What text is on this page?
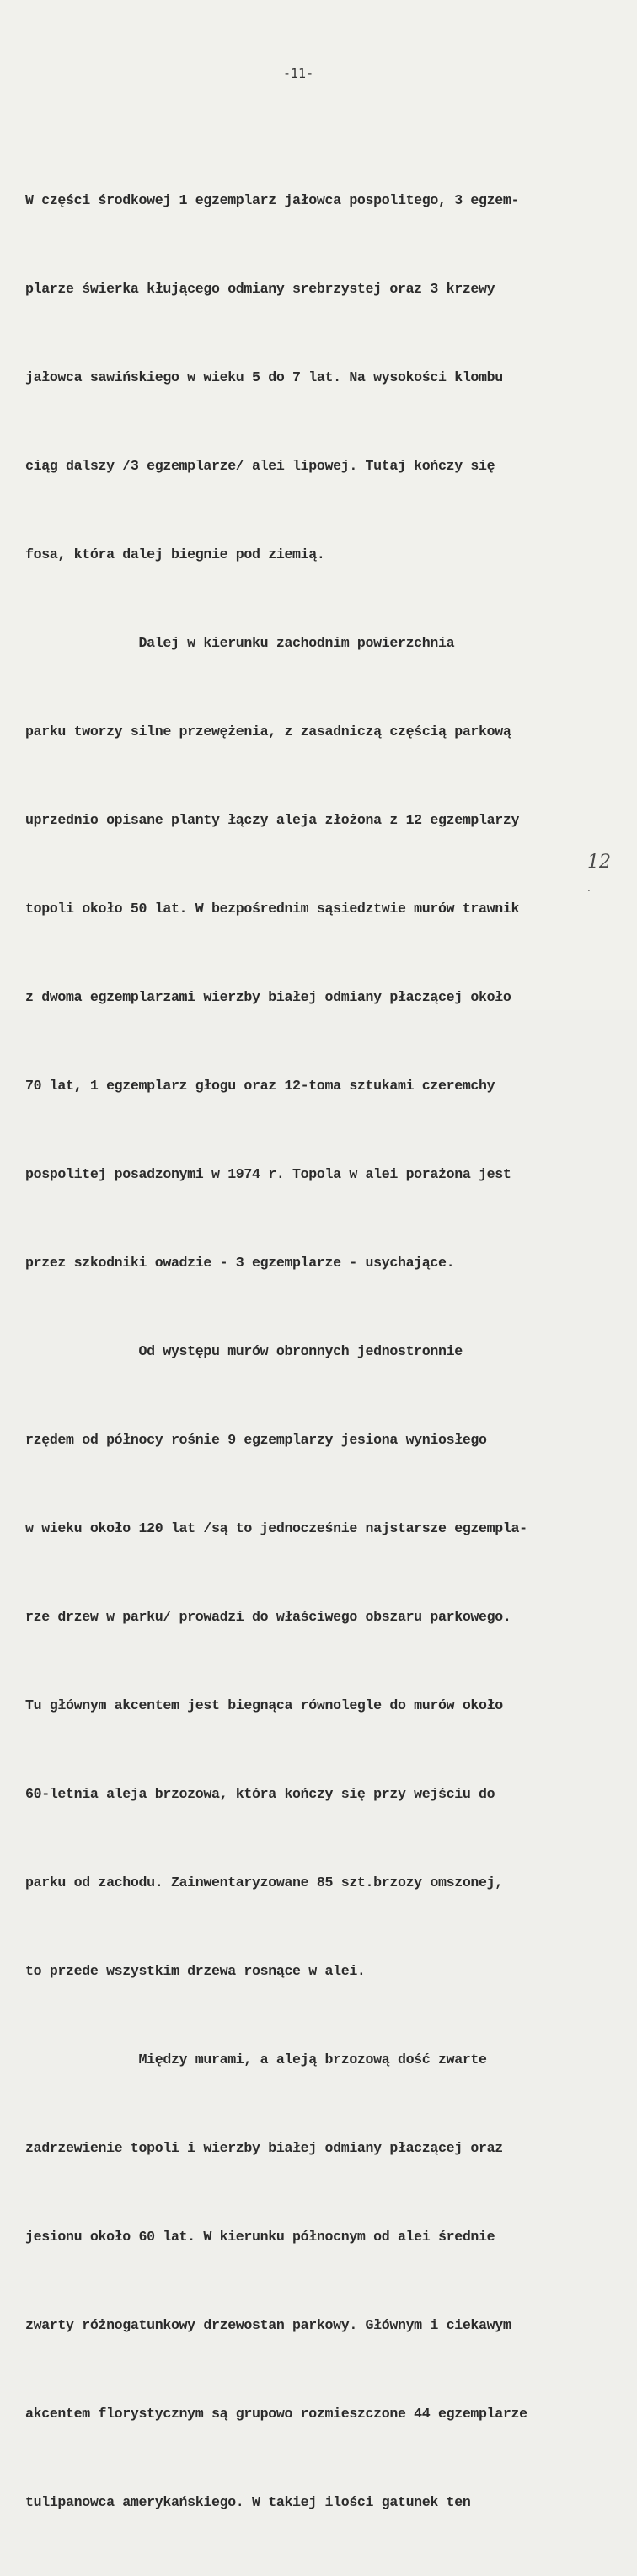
-11-

W części środkowej 1 egzemplarz jałowca pospolitego, 3 egzem-

plarze świerka kłującego odmiany srebrzystej oraz 3 krzewy

jałowca sawińskiego w wieku 5 do 7 lat. Na wysokości klombu

ciąg dalszy /3 egzemplarze/ alei lipowej. Tutaj kończy się

fosa, która dalej biegnie pod ziemią.

Dalej w kierunku zachodnim powierzchnia

parku tworzy silne przewężenia, z zasadniczą częścią parkową

uprzednio opisane planty łączy aleja złożona z 12 egzemplarzy

topoli około 50 lat. W bezpośrednim sąsiedztwie murów trawnik

z dwoma egzemplarzami wierzby białej odmiany płaczącej około

70 lat, 1 egzemplarz głogu oraz 12-toma sztukami czeremchy

pospolitej posadzonymi w 1974 r. Topola w alei porażona jest

przez szkodniki owadzie - 3 egzemplarze - usychające.

Od występu murów obronnych jednostronnie

rzędem od północy rośnie 9 egzemplarzy jesiona wyniosłego

w wieku około 120 lat /są to jednocześnie najstarsze egzempla-

rze drzew w parku/ prowadzi do właściwego obszaru parkowego.

Tu głównym akcentem jest biegnąca równolegle do murów około

60-letnia aleja brzozowa, która kończy się przy wejściu do

parku od zachodu. Zainwentaryzowane 85 szt.brzozy omszonej,

to przede wszystkim drzewa rosnące w alei.

Między murami, a aleją brzozową dość zwarte

zadrzewienie topoli i wierzby białej odmiany płaczącej oraz

jesionu około 60 lat. W kierunku północnym od alei średnie

zwarty różnogatunkowy drzewostan parkowy. Głównym i ciekawym

akcentem florystycznym są grupowo rozmieszczone 44 egzemplarze

tulipanowca amerykańskiego. W takiej ilości gatunek ten

12
.
